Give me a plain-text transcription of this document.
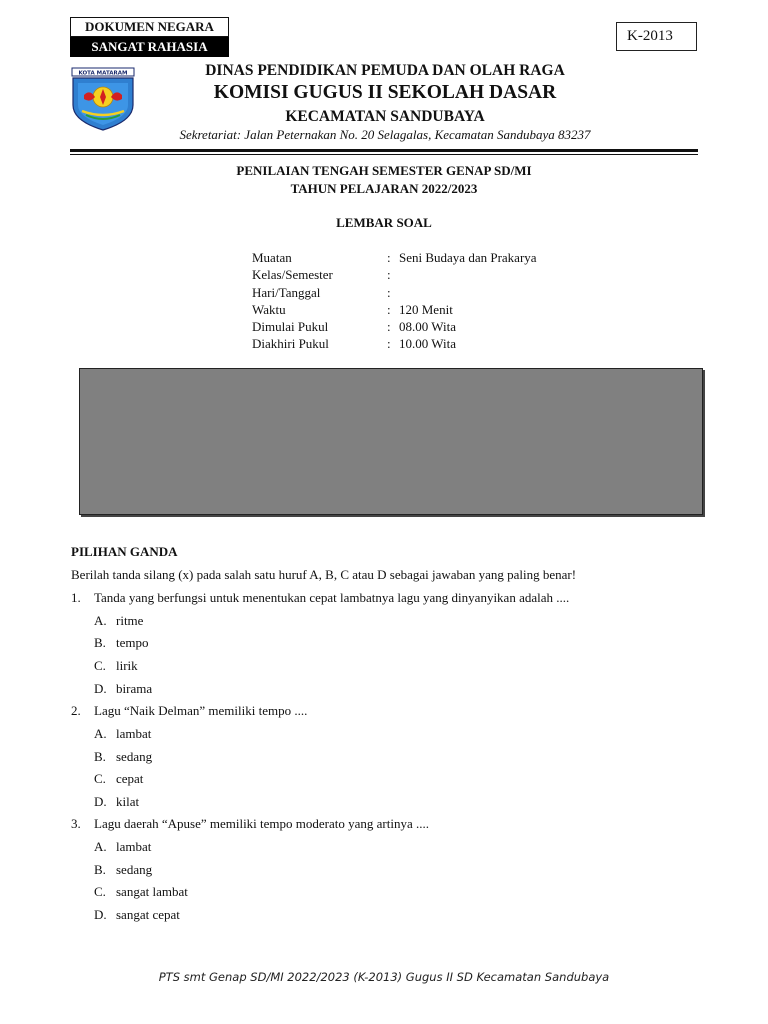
DOKUMEN NEGARA
SANGAT RAHASIA
K-2013
KOTA MATARAM	DINAS PENDIDIKAN PEMUDA DAN OLAH RAGA
KOMISI GUGUS II SEKOLAH DASAR
KECAMATAN SANDUBAYA
Sekretariat: Jalan Peternakan No. 20 Selagalas, Kecamatan Sandubaya 83237
PENILAIAN TENGAH SEMESTER GENAP SD/MI
TAHUN PELAJARAN 2022/2023
LEMBAR SOAL
Muatan	: Seni Budaya dan Prakarya
Kelas/Semester	:
Hari/Tanggal	:
Waktu	: 120 Menit
Dimulai Pukul	: 08.00 Wita
Diakhiri Pukul	: 10.00 Wita
PILIHAN GANDA
Berilah tanda silang (x) pada salah satu huruf A, B, C atau D sebagai jawaban yang paling benar!
1. Tanda yang berfungsi untuk menentukan cepat lambatnya lagu yang dinyanyikan adalah ....
A. ritme
B. tempo
C. lirik
D. birama
2. Lagu “Naik Delman” memiliki tempo ....
A. lambat
B. sedang
C. cepat
D. kilat
3. Lagu daerah “Apuse” memiliki tempo moderato yang artinya ....
A. lambat
B. sedang
C. sangat lambat
D. sangat cepat
PTS smt Genap SD/MI 2022/2023 (K-2013) Gugus II SD Kecamatan Sandubaya
